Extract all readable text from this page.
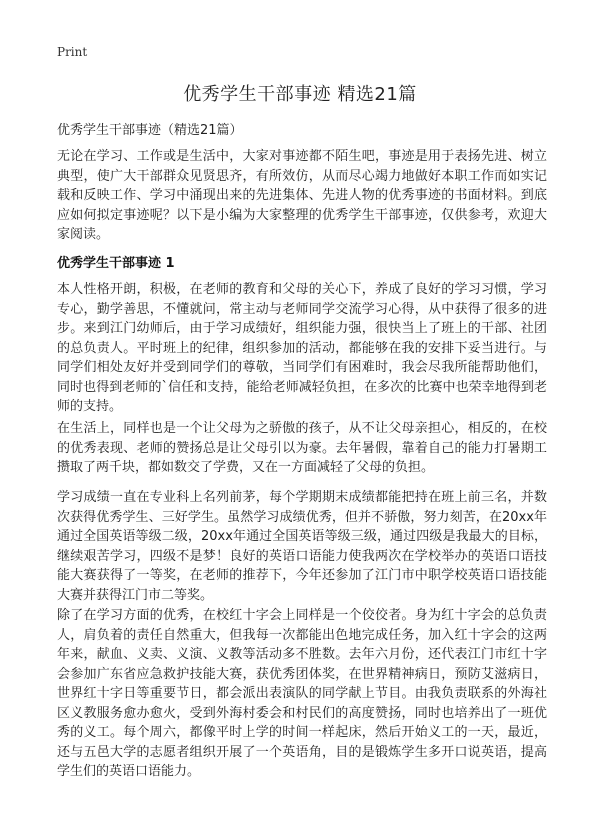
Print
优秀学生干部事迹 精选21篇
优秀学生干部事迹（精选21篇）

无论在学习、工作或是生活中，大家对事迹都不陌生吧，事迹是用于表扬先进、树立典型，使广大干部群众见贤思齐，有所效仿，从而尽心竭力地做好本职工作而如实记载和反映工作、学习中涌现出来的先进集体、先进人物的优秀事迹的书面材料。到底应如何拟定事迹呢？以下是小编为大家整理的优秀学生干部事迹，仅供参考，欢迎大家阅读。

优秀学生干部事迹 1

本人性格开朗，积极，在老师的教育和父母的关心下，养成了良好的学习习惯，学习专心，勤学善思，不懂就问，常主动与老师同学交流学习心得，从中获得了很多的进步。来到江门幼师后，由于学习成绩好，组织能力强，很快当上了班上的干部、社团的总负责人。平时班上的纪律，组织参加的活动，都能够在我的安排下妥当进行。与同学们相处友好并受到同学们的尊敬，当同学们有困难时，我会尽我所能帮助他们，同时也得到老师的`信任和支持，能给老师减轻负担，在多次的比赛中也荣幸地得到老师的支持。

在生活上，同样也是一个让父母为之骄傲的孩子，从不让父母亲担心，相反的，在校的优秀表现、老师的赞扬总是让父母引以为豪。去年暑假，靠着自己的能力打暑期工攒取了两千块，都如数交了学费，又在一方面减轻了父母的负担。

学习成绩一直在专业科上名列前茅，每个学期期末成绩都能把持在班上前三名，并数次获得优秀学生、三好学生。虽然学习成绩优秀，但并不骄傲，努力刻苦，在20xx年通过全国英语等级二级，20xx年通过全国英语等级三级，通过四级是我最大的目标，继续艰苦学习，四级不是梦！良好的英语口语能力使我两次在学校举办的英语口语技能大赛获得了一等奖，在老师的推荐下，今年还参加了江门市中职学校英语口语技能大赛并获得江门市二等奖。

除了在学习方面的优秀，在校红十字会上同样是一个佼佼者。身为红十字会的总负责人，肩负着的责任自然重大，但我每一次都能出色地完成任务，加入红十字会的这两年来，献血、义卖、义演、义教等活动多不胜数。去年六月份，还代表江门市红十字会参加广东省应急救护技能大赛，获优秀团体奖，在世界精神病日，预防艾滋病日，世界红十字日等重要节日，都会派出表演队的同学献上节目。由我负责联系的外海社区义教服务愈办愈火，受到外海村委会和村民们的高度赞扬，同时也培养出了一班优秀的义工。每个周六，都像平时上学的时间一样起床，然后开始义工的一天，最近，还与五邑大学的志愿者组织开展了一个英语角，目的是锻炼学生多开口说英语，提高学生们的英语口语能力。
